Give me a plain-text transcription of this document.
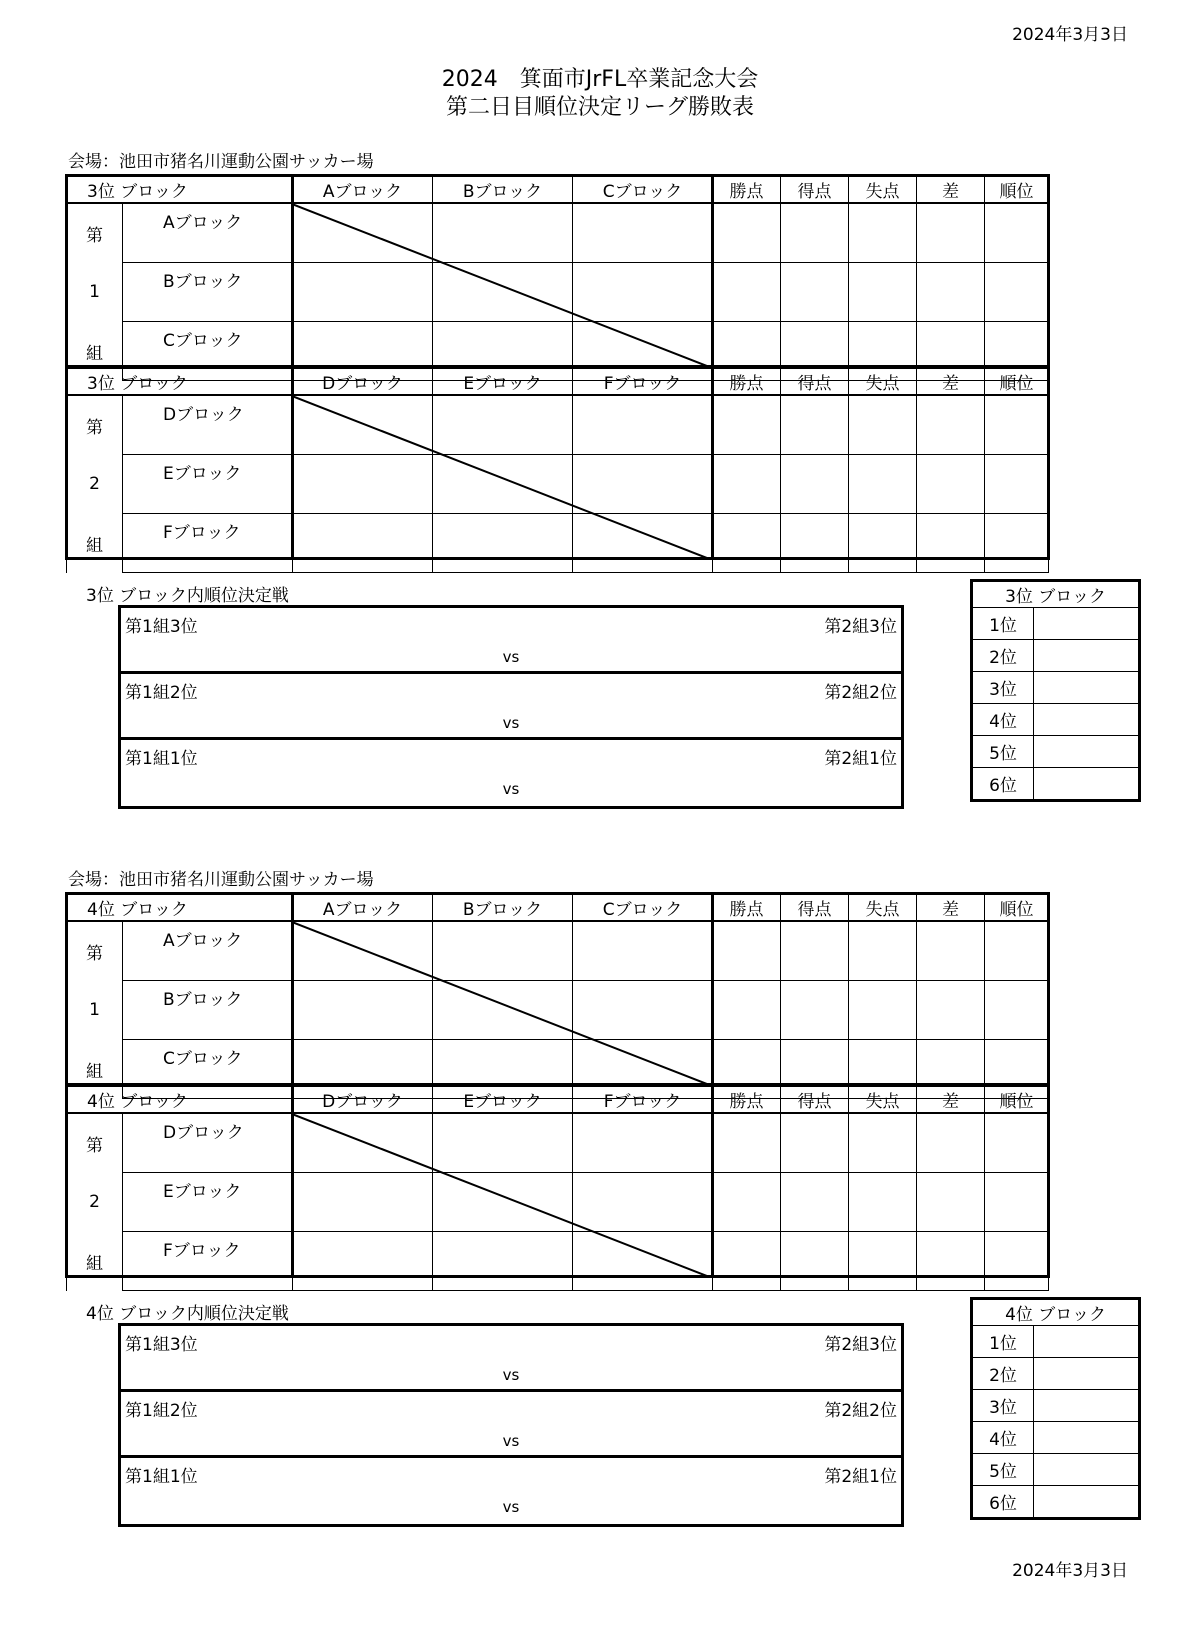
2024年3月3日
2024　箕面市JrFL卒業記念大会
第二日目順位決定リーグ勝敗表
会場：池田市猪名川運動公園サッカー場
3位 ブロック		Aブロック	Bブロック	Cブロック	勝点	得点	失点	差	順位
第	Aブロック								
1	Bブロック								
組	Cブロック								
3位 ブロック		Dブロック	Eブロック	Fブロック	勝点	得点	失点	差	順位
第	Dブロック								
2	Eブロック								
組	Fブロック								
3位 ブロック内順位決定戦
第1組3位	第2組3位
vs
第1組2位	第2組2位
vs
第1組1位	第2組1位
vs
3位 ブロック	
1位	
2位	
3位	
4位	
5位	
6位	
会場：池田市猪名川運動公園サッカー場
4位 ブロック		Aブロック	Bブロック	Cブロック	勝点	得点	失点	差	順位
第	Aブロック								
1	Bブロック								
組	Cブロック								
4位 ブロック		Dブロック	Eブロック	Fブロック	勝点	得点	失点	差	順位
第	Dブロック								
2	Eブロック								
組	Fブロック								
4位 ブロック内順位決定戦
第1組3位	第2組3位
vs
第1組2位	第2組2位
vs
第1組1位	第2組1位
vs
4位 ブロック	
1位	
2位	
3位	
4位	
5位	
6位	
2024年3月3日
